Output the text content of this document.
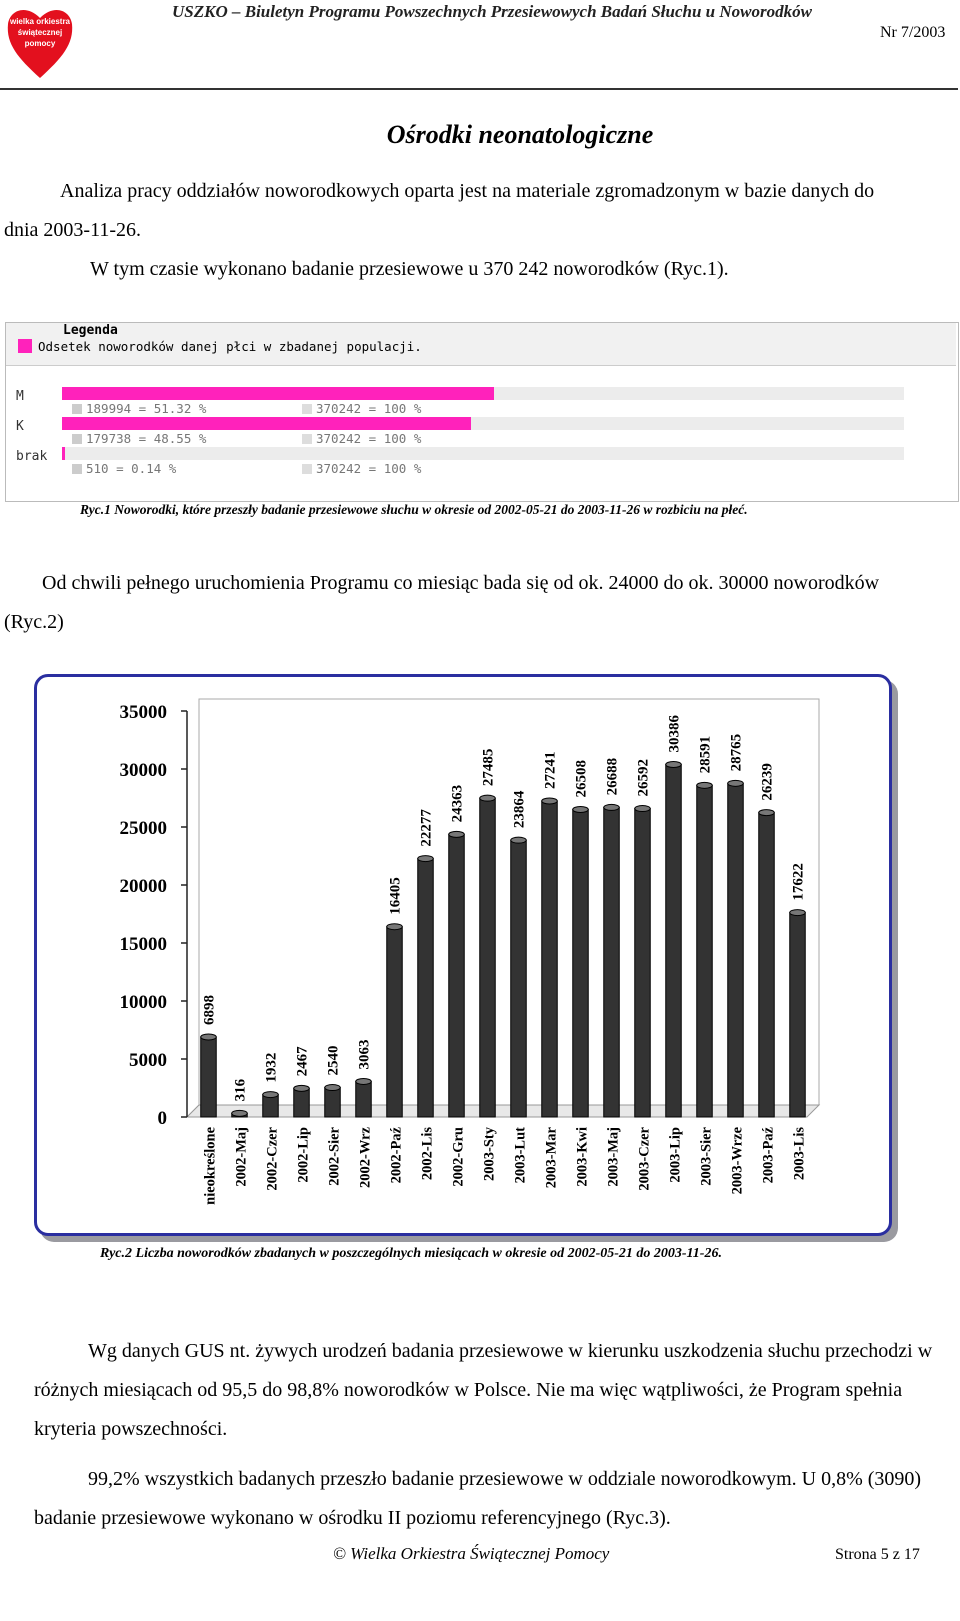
wielka orkiestra
świątecznej
pomocy
USZKO – Biuletyn Programu Powszechnych Przesiewowych Badań Słuchu u Noworodków
Nr 7/2003
Ośrodki neonatologiczne
Analiza pracy oddziałów noworodkowych oparta jest na materiale zgromadzonym w bazie danych do dnia 2003-11-26.
W tym czasie wykonano badanie przesiewowe u 370 242 noworodków (Ryc.1).
Legenda
Odsetek noworodków danej płci w zbadanej populacji.
M
189994 = 51.32 %	370242 = 100 %
K
179738 = 48.55 %	370242 = 100 %
brak
510 = 0.14 %	370242 = 100 %
Ryc.1 Noworodki, które przeszły badanie przesiewowe słuchu w okresie od 2002-05-21 do 2003-11-26 w rozbiciu na płeć.
Od chwili pełnego uruchomienia Programu co miesiąc bada się od ok. 24000 do ok. 30000 noworodków (Ryc.2)
0
5000
10000
15000
20000
25000
30000
35000
6898
nieokreślone
316
2002-Maj
1932
2002-Czer
2467
2002-Lip
2540
2002-Sier
3063
2002-Wrz
16405
2002-Paź
22277
2002-Lis
24363
2002-Gru
27485
2003-Sty
23864
2003-Lut
27241
2003-Mar
26508
2003-Kwi
26688
2003-Maj
26592
2003-Czer
30386
2003-Lip
28591
2003-Sier
28765
2003-Wrze
26239
2003-Paź
17622
2003-Lis
Ryc.2 Liczba noworodków zbadanych w poszczególnych miesiącach w okresie od 2002-05-21 do 2003-11-26.
Wg danych GUS nt. żywych urodzeń badania przesiewowe w kierunku uszkodzenia słuchu przechodzi w różnych miesiącach od 95,5 do 98,8% noworodków w Polsce. Nie ma więc wątpliwości, że Program spełnia kryteria powszechności.
99,2% wszystkich badanych przeszło badanie przesiewowe w oddziale noworodkowym. U 0,8% (3090) badanie przesiewowe wykonano w ośrodku II poziomu referencyjnego (Ryc.3).
© Wielka Orkiestra Świątecznej Pomocy	Strona 5 z 17
